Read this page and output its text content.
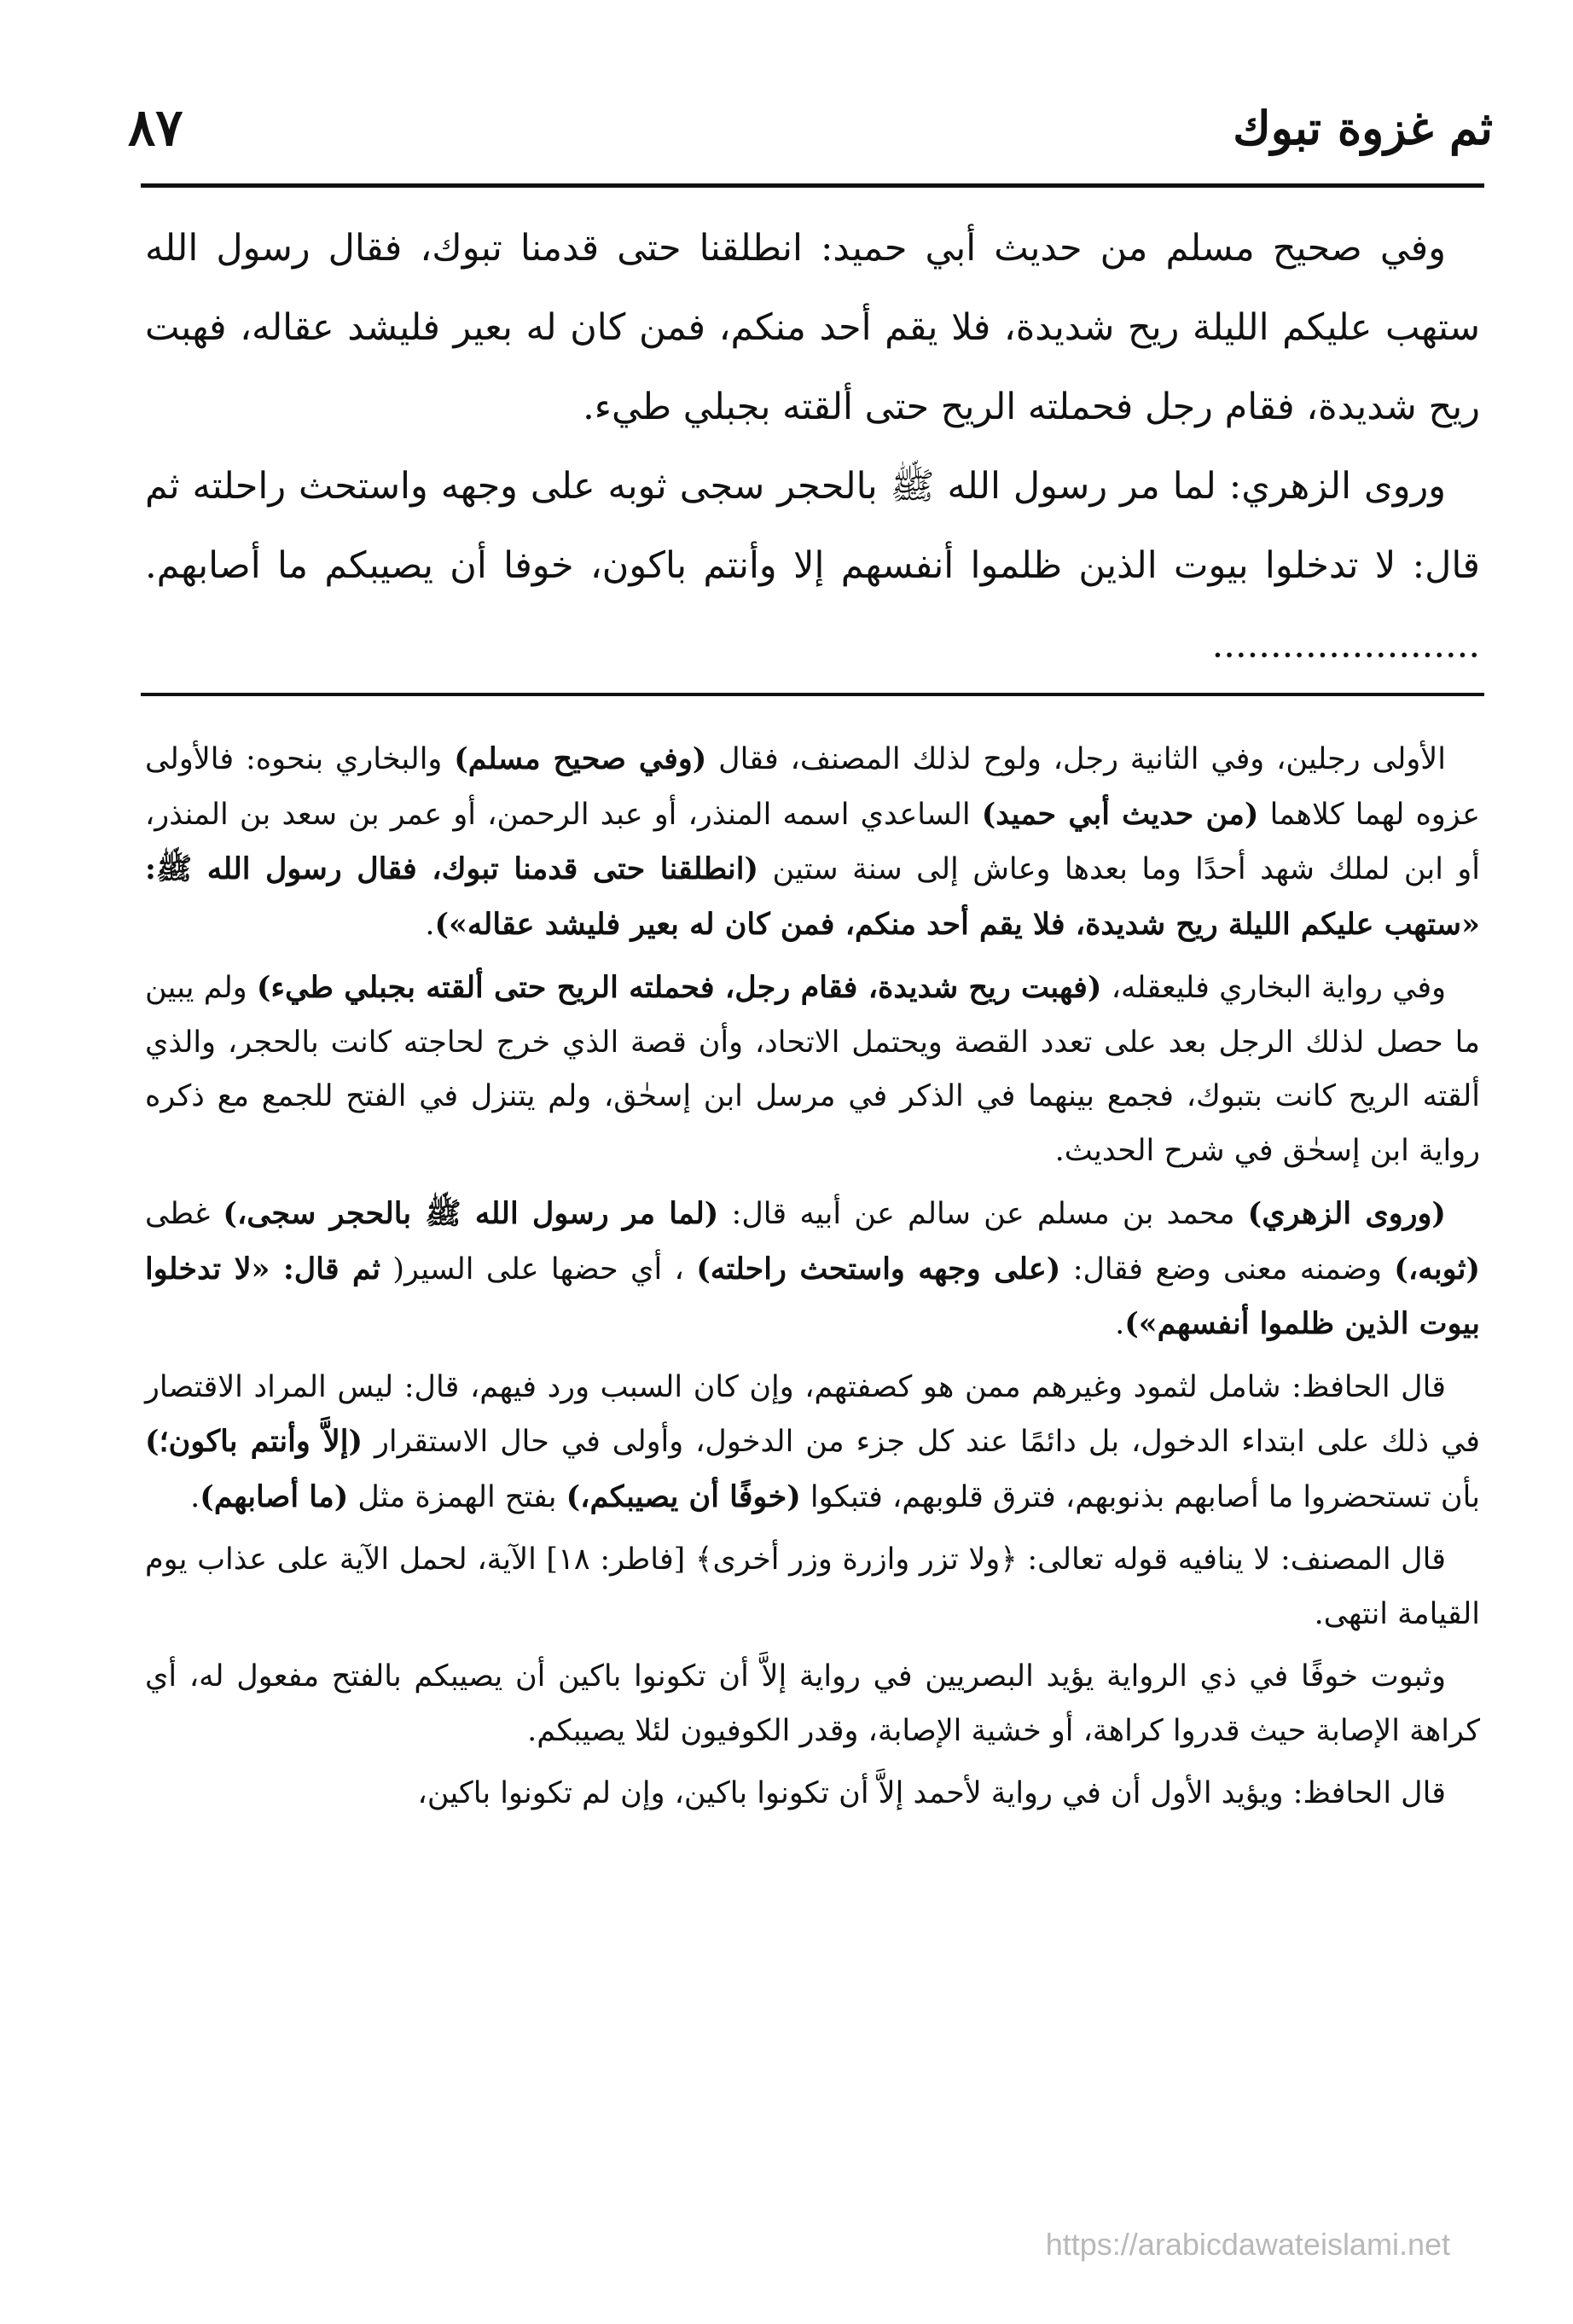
٨٧	ثم غزوة تبوك

وفي صحيح مسلم من حديث أبي حميد: انطلقنا حتى قدمنا تبوك، فقال رسول الله ستهب عليكم الليلة ريح شديدة، فلا يقم أحد منكم، فمن كان له بعير فليشد عقاله، فهبت ريح شديدة، فقام رجل فحملته الريح حتى ألقته بجبلي طيء.

وروى الزهري: لما مر رسول الله ﷺ بالحجر سجى ثوبه على وجهه واستحث راحلته ثم قال: لا تدخلوا بيوت الذين ظلموا أنفسهم إلا وأنتم باكون، خوفا أن يصيبكم ما أصابهم. .......................

الأولى رجلين، وفي الثانية رجل، ولوح لذلك المصنف، فقال (وفي صحيح مسلم) والبخاري بنحوه: فالأولى عزوه لهما كلاهما (من حديث أبي حميد) الساعدي اسمه المنذر، أو عبد الرحمن، أو عمر بن سعد بن المنذر، أو ابن لملك شهد أحدًا وما بعدها وعاش إلى سنة ستين (انطلقنا حتى قدمنا تبوك، فقال رسول الله ﷺ: «ستهب عليكم الليلة ريح شديدة، فلا يقم أحد منكم، فمن كان له بعير فليشد عقاله»).

وفي رواية البخاري فليعقله، (فهبت ريح شديدة، فقام رجل، فحملته الريح حتى ألقته بجبلي طيء) ولم يبين ما حصل لذلك الرجل بعد على تعدد القصة ويحتمل الاتحاد، وأن قصة الذي خرج لحاجته كانت بالحجر، والذي ألقته الريح كانت بتبوك، فجمع بينهما في الذكر في مرسل ابن إسحٰق، ولم يتنزل في الفتح للجمع مع ذكره رواية ابن إسحٰق في شرح الحديث.

(وروى الزهري) محمد بن مسلم عن سالم عن أبيه قال: (لما مر رسول الله ﷺ بالحجر سجى،) غطى (ثوبه،) وضمنه معنى وضع فقال: (على وجهه واستحث راحلته) ، أي حضها على السير( ثم قال: «لا تدخلوا بيوت الذين ظلموا أنفسهم»).

قال الحافظ: شامل لثمود وغيرهم ممن هو كصفتهم، وإن كان السبب ورد فيهم، قال: ليس المراد الاقتصار في ذلك على ابتداء الدخول، بل دائمًا عند كل جزء من الدخول، وأولى في حال الاستقرار (إلاَّ وأنتم باكون؛) بأن تستحضروا ما أصابهم بذنوبهم، فترق قلوبهم، فتبكوا (خوفًا أن يصيبكم،) بفتح الهمزة مثل (ما أصابهم).

قال المصنف: لا ينافيه قوله تعالى: ﴿ولا تزر وازرة وزر أخرى﴾ [فاطر: ١٨] الآية، لحمل الآية على عذاب يوم القيامة انتهى.

وثبوت خوفًا في ذي الرواية يؤيد البصريين في رواية إلاَّ أن تكونوا باكين أن يصيبكم بالفتح مفعول له، أي كراهة الإصابة حيث قدروا كراهة، أو خشية الإصابة، وقدر الكوفيون لئلا يصيبكم.

قال الحافظ: ويؤيد الأول أن في رواية لأحمد إلاَّ أن تكونوا باكين، وإن لم تكونوا باكين،

https://arabicdawateislami.net
